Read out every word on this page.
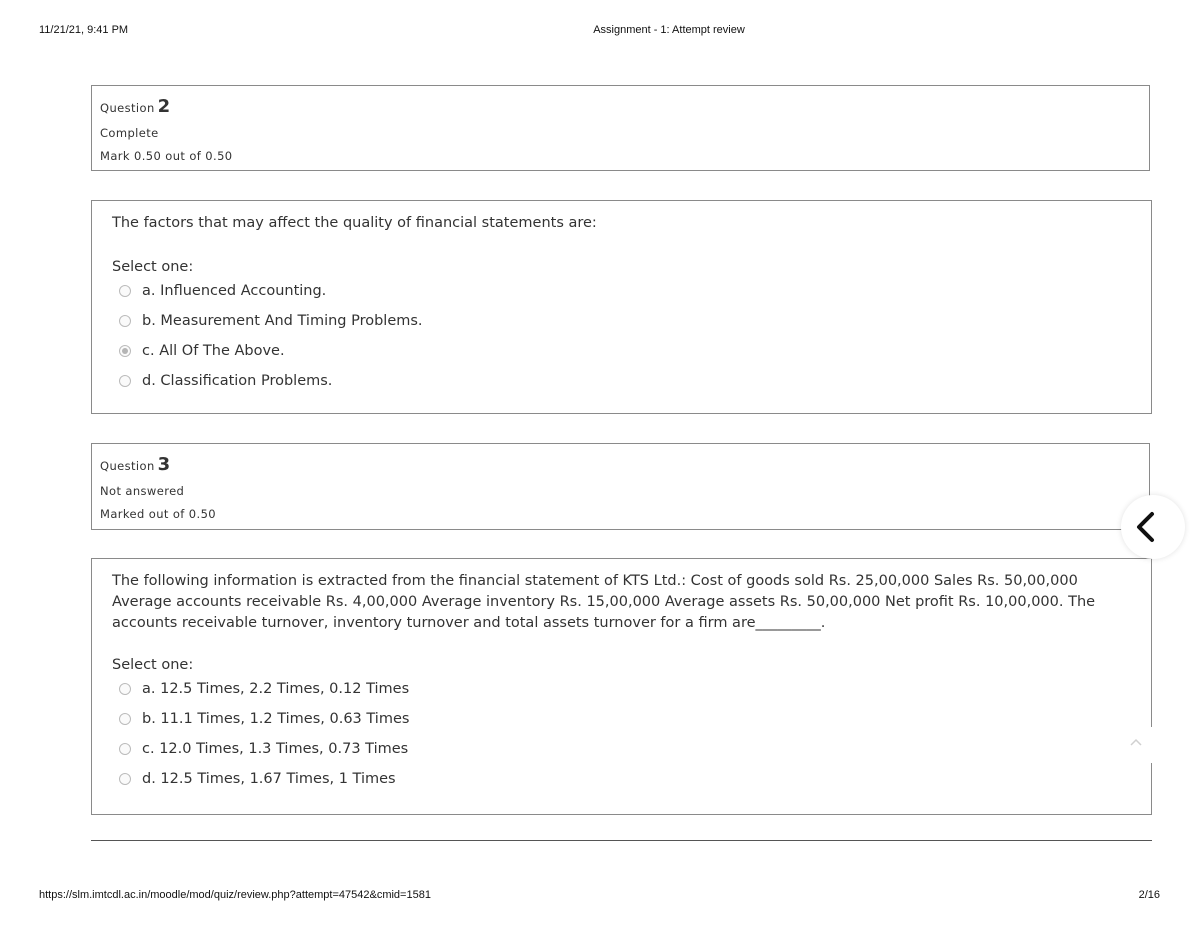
11/21/21, 9:41 PM	Assignment - 1: Attempt review
Question 2
Complete
Mark 0.50 out of 0.50
The factors that may affect the quality of financial statements are:
Select one:
a. Influenced Accounting.
b. Measurement And Timing Problems.
c. All Of The Above.
d. Classification Problems.
Question 3
Not answered
Marked out of 0.50
The following information is extracted from the financial statement of KTS Ltd.: Cost of goods sold Rs. 25,00,000 Sales Rs. 50,00,000 Average accounts receivable Rs. 4,00,000 Average inventory Rs. 15,00,000 Average assets Rs. 50,00,000 Net profit Rs. 10,00,000. The accounts receivable turnover, inventory turnover and total assets turnover for a firm are_________.
Select one:
a. 12.5 Times, 2.2 Times, 0.12 Times
b. 11.1 Times, 1.2 Times, 0.63 Times
c. 12.0 Times, 1.3 Times, 0.73 Times
d. 12.5 Times, 1.67 Times, 1 Times
https://slm.imtcdl.ac.in/moodle/mod/quiz/review.php?attempt=47542&cmid=1581	2/16
